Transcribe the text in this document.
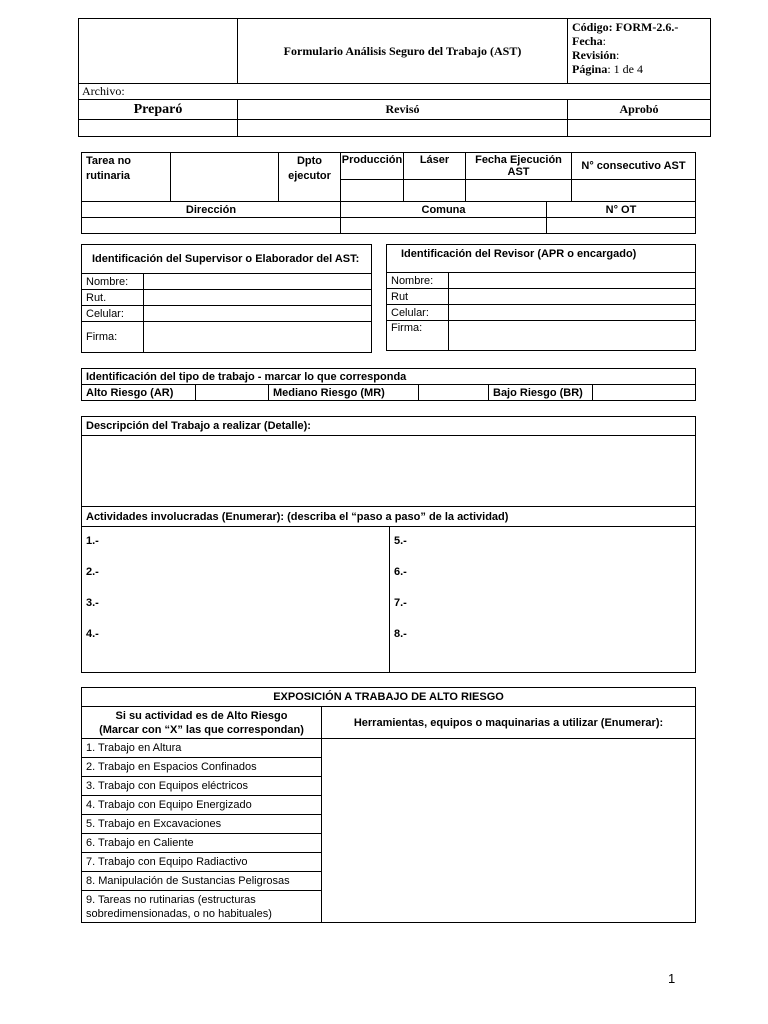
	Formulario Análisis Seguro del Trabajo (AST)	Código: FORM-2.6.-
Fecha:
Revisión:
Página: 1 de 4

Archivo:		
Preparó	Revisó	Aprobó

Tarea no rutinaria		Dpto ejecutor	Producción	Láser	Fecha Ejecución AST		N° consecutivo AST

Dirección			Comuna			N° OT	

Identificación del Supervisor o Elaborador del AST:	
Nombre:	
Rut.	
Celular:	
Firma:	
Identificación del Revisor (APR o encargado)	
Nombre:	
Rut	
Celular:	
Firma:	
Identificación del tipo de trabajo - marcar lo que corresponda
Alto Riesgo (AR)		Mediano Riesgo (MR)		Bajo Riesgo (BR)	
Descripción del Trabajo a realizar (Detalle):

Actividades involucradas (Enumerar): (describa el “paso a paso” de la actividad)

1.-
2.-
3.-
4.-

5.-
6.-
7.-
8.-
EXPOSICIÓN A TRABAJO DE ALTO RIESGO	

Si su actividad es de Alto Riesgo
(Marcar con “X” las que correspondan)	Herramientas, equipos o maquinarias a utilizar (Enumerar):
1. Trabajo en Altura	
2. Trabajo en Espacios Confinados	
3. Trabajo con Equipos eléctricos	
4. Trabajo con Equipo Energizado	
5. Trabajo en Excavaciones	
6. Trabajo en Caliente	
7. Trabajo con Equipo Radiactivo	
8. Manipulación de Sustancias Peligrosas	
9. Tareas no rutinarias (estructuras sobredimensionadas, o no habituales)	
1
